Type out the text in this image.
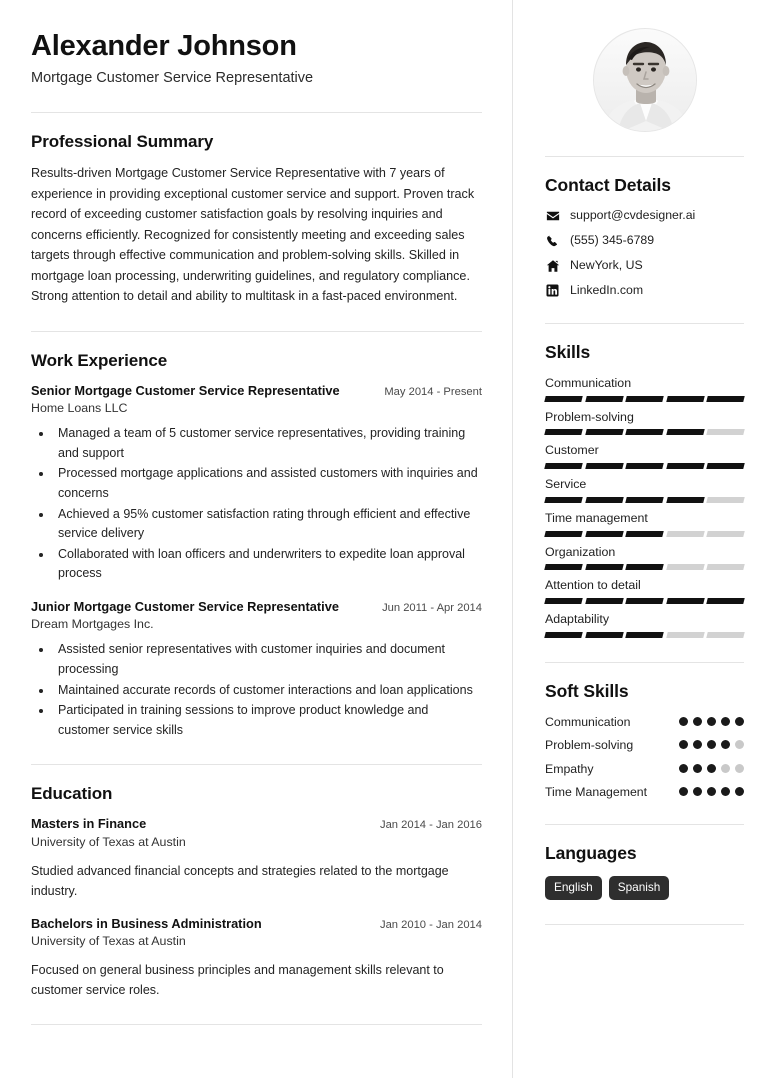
Alexander Johnson
Mortgage Customer Service Representative
Professional Summary

Results-driven Mortgage Customer Service Representative with 7 years of experience in providing exceptional customer service and support. Proven track record of exceeding customer satisfaction goals by resolving inquiries and concerns efficiently. Recognized for consistently meeting and exceeding sales targets through effective communication and problem-solving skills. Skilled in mortgage loan processing, underwriting guidelines, and regulatory compliance. Strong attention to detail and ability to multitask in a fast-paced environment.

Work Experience
Senior Mortgage Customer Service Representative	May 2014 - Present
Home Loans LLC
• Managed a team of 5 customer service representatives, providing training and support
• Processed mortgage applications and assisted customers with inquiries and concerns
• Achieved a 95% customer satisfaction rating through efficient and effective service delivery
• Collaborated with loan officers and underwriters to expedite loan approval process
Junior Mortgage Customer Service Representative	Jun 2011 - Apr 2014
Dream Mortgages Inc.
• Assisted senior representatives with customer inquiries and document processing
• Maintained accurate records of customer interactions and loan applications
• Participated in training sessions to improve product knowledge and customer service skills
Education
Masters in Finance	Jan 2014 - Jan 2016
University of Texas at Austin

Studied advanced financial concepts and strategies related to the mortgage industry.

Bachelors in Business Administration	Jan 2010 - Jan 2014
University of Texas at Austin

Focused on general business principles and management skills relevant to customer service roles.

Contact Details
support@cvdesigner.ai
(555) 345-6789
NewYork, US
LinkedIn.com
Skills
Communication
Problem-solving
Customer
Service
Time management
Organization
Attention to detail
Adaptability
Soft Skills
Communication
Problem-solving
Empathy
Time Management
Languages
English	Spanish
